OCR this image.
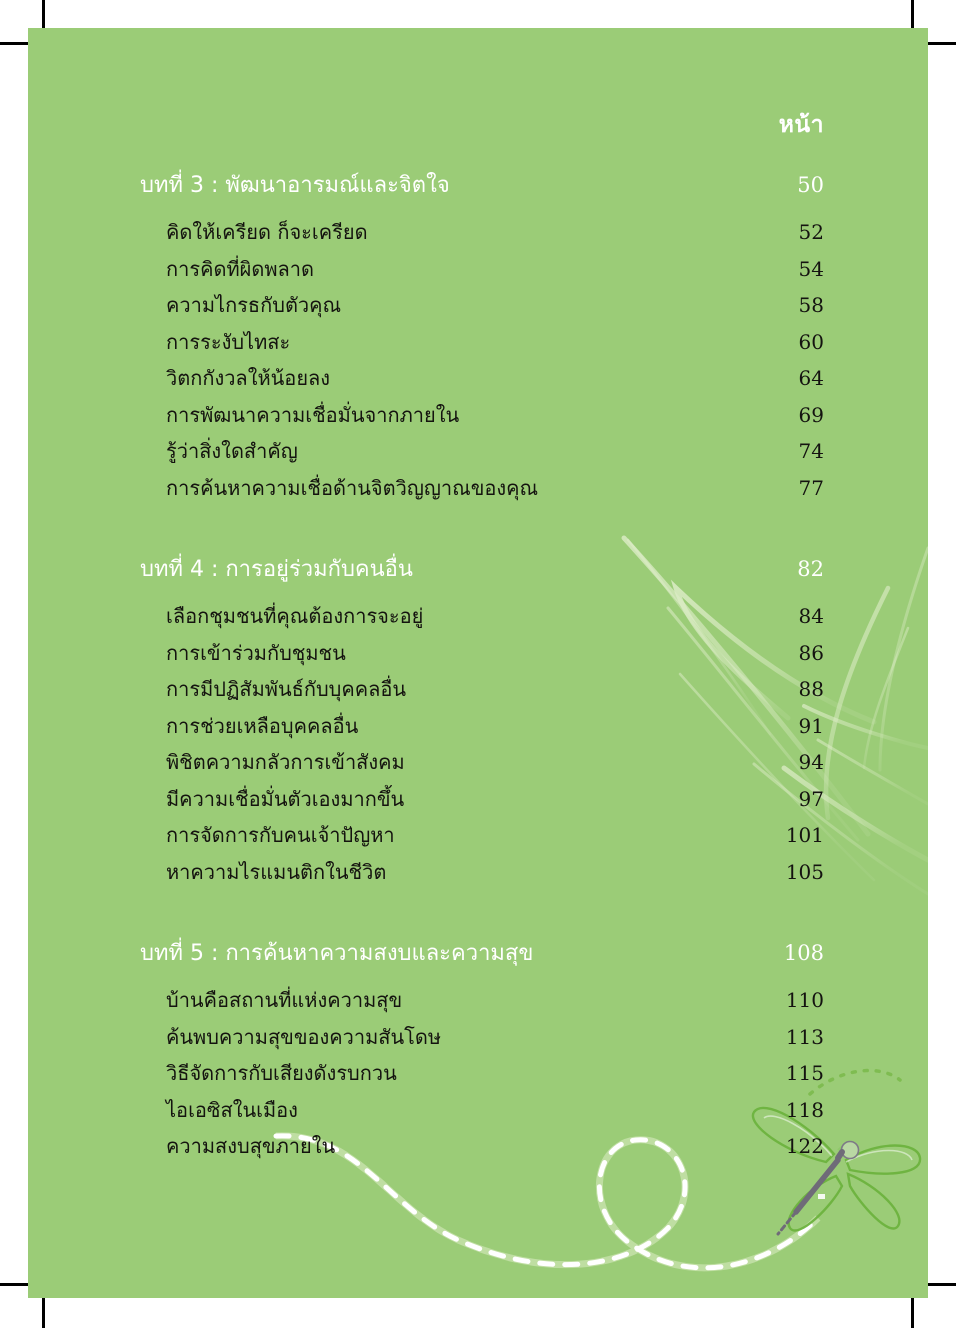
หน้า
บทที่ 3 : พัฒนาอารมณ์และจิตใจ	50
คิดให้เครียด ก็จะเครียด	52
การคิดที่ผิดพลาด	54
ความไกรธกับตัวคุณ	58
การระงับไทสะ	60
วิตกกังวลให้น้อยลง	64
การพัฒนาความเชื่อมั่นจากภายใน	69
รู้ว่าสิ่งใดสำคัญ	74
การค้นหาความเชื่อด้านจิตวิญญาณของคุณ	77
บทที่ 4 : การอยู่ร่วมกับคนอื่น	82
เลือกชุมชนที่คุณต้องการจะอยู่	84
การเข้าร่วมกับชุมชน	86
การมีปฏิสัมพันธ์กับบุคคลอื่น	88
การช่วยเหลือบุคคลอื่น	91
พิชิตความกลัวการเข้าสังคม	94
มีความเชื่อมั่นตัวเองมากขึ้น	97
การจัดการกับคนเจ้าปัญหา	101
หาความไรแมนติกในชีวิต	105
บทที่ 5 : การค้นหาความสงบและความสุข	108
บ้านคือสถานที่แห่งความสุข	110
ค้นพบความสุขของความสันโดษ	113
วิธีจัดการกับเสียงดังรบกวน	115
ไอเอซิสในเมือง	118
ความสงบสุขภายใน	122
